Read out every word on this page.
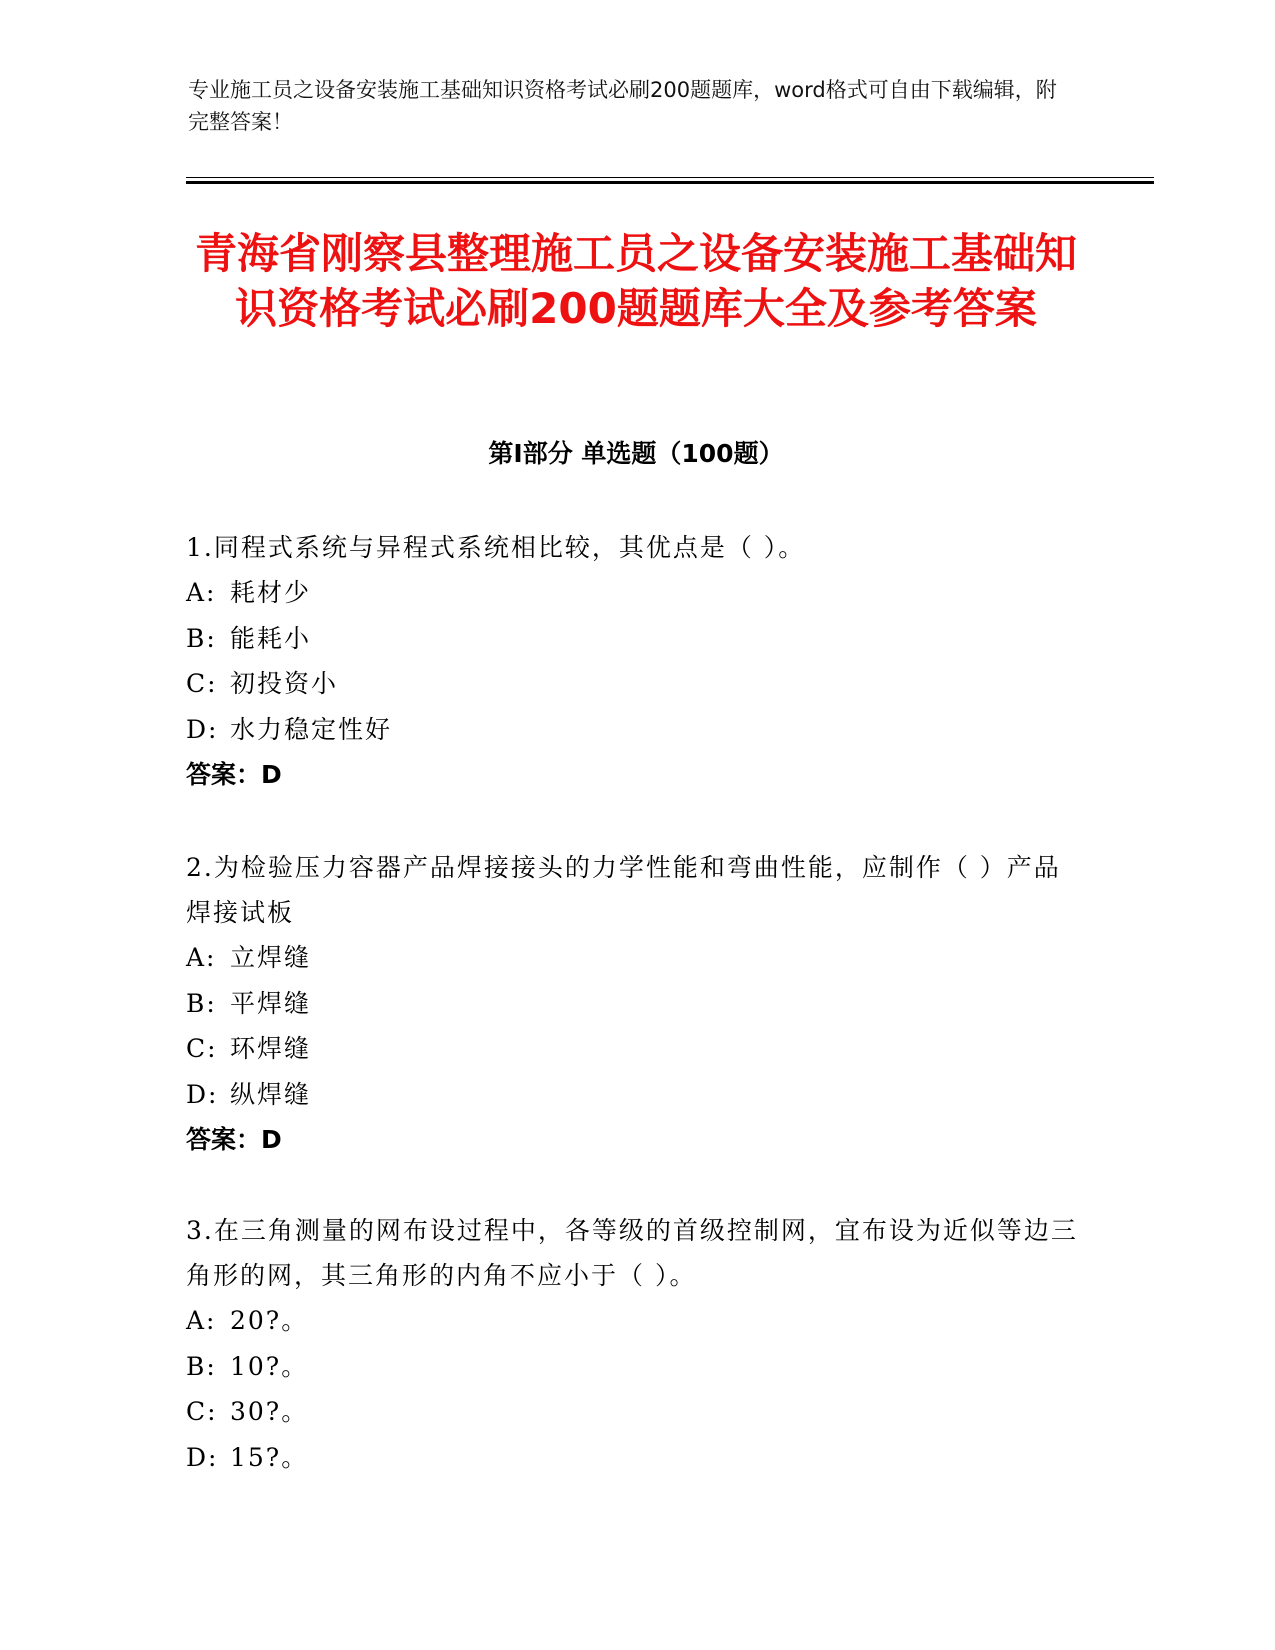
专业施工员之设备安装施工基础知识资格考试必刷200题题库，word格式可自由下载编辑，附完整答案！
青海省刚察县整理施工员之设备安装施工基础知识资格考试必刷200题题库大全及参考答案
第Ⅰ部分 单选题（100题）
1.同程式系统与异程式系统相比较，其优点是（ ）。
A: 耗材少
B: 能耗小
C: 初投资小
D: 水力稳定性好
答案：D
2.为检验压力容器产品焊接接头的力学性能和弯曲性能，应制作（ ）产品焊接试板
A: 立焊缝
B: 平焊缝
C: 环焊缝
D: 纵焊缝
答案：D
3.在三角测量的网布设过程中，各等级的首级控制网，宜布设为近似等边三角形的网，其三角形的内角不应小于（ ）。
A: 20?。
B: 10?。
C: 30?。
D: 15?。
